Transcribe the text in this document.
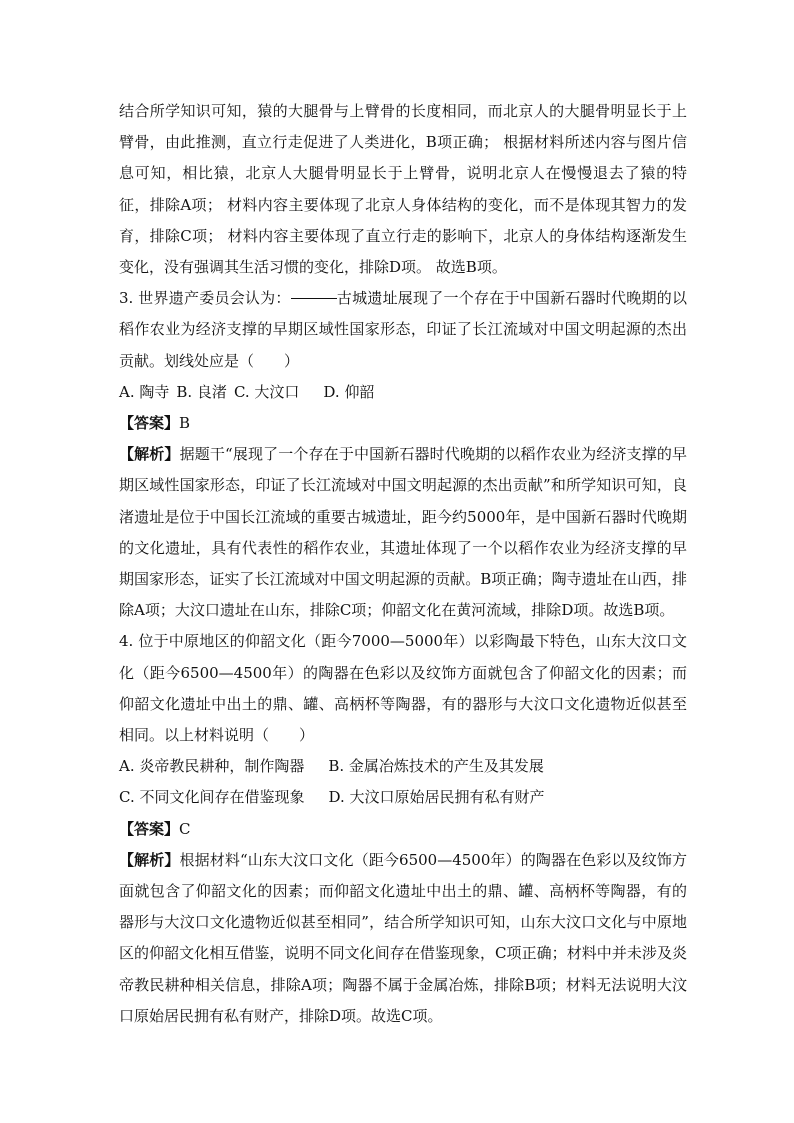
结合所学知识可知，猿的大腿骨与上臂骨的长度相同，而北京人的大腿骨明显长于上臂骨，由此推测，直立行走促进了人类进化，B项正确； 根据材料所述内容与图片信息可知，相比猿，北京人大腿骨明显长于上臂骨，说明北京人在慢慢退去了猿的特征，排除A项； 材料内容主要体现了北京人身体结构的变化，而不是体现其智力的发育，排除C项； 材料内容主要体现了直立行走的影响下，北京人的身体结构逐渐发生变化，没有强调其生活习惯的变化，排除D项。 故选B项。

3. 世界遗产委员会认为：	古城遗址展现了一个存在于中国新石器时代晚期的以稻作农业为经济支撑的早期区域性国家形态，印证了长江流域对中国文明起源的杰出贡献。划线处应是（　　）

A. 陶寺 B. 良渚 C. 大汶口 D. 仰韶

【答案】B

【解析】据题干“展现了一个存在于中国新石器时代晚期的以稻作农业为经济支撑的早期区域性国家形态，印证了长江流域对中国文明起源的杰出贡献”和所学知识可知，良渚遗址是位于中国长江流域的重要古城遗址，距今约5000年，是中国新石器时代晚期的文化遗址，具有代表性的稻作农业，其遗址体现了一个以稻作农业为经济支撑的早期国家形态，证实了长江流域对中国文明起源的贡献。B项正确；陶寺遗址在山西，排除A项；大汶口遗址在山东，排除C项；仰韶文化在黄河流域，排除D项。故选B项。

4. 位于中原地区的仰韶文化（距今7000—5000年）以彩陶最下特色，山东大汶口文化（距今6500—4500年）的陶器在色彩以及纹饰方面就包含了仰韶文化的因素；而仰韶文化遗址中出土的鼎、罐、高柄杯等陶器，有的器形与大汶口文化遗物近似甚至相同。以上材料说明（　　）

A. 炎帝教民耕种，制作陶器 B. 金属冶炼技术的产生及其发展

C. 不同文化间存在借鉴现象 D. 大汶口原始居民拥有私有财产

【答案】C

【解析】根据材料“山东大汶口文化（距今6500—4500年）的陶器在色彩以及纹饰方面就包含了仰韶文化的因素；而仰韶文化遗址中出土的鼎、罐、高柄杯等陶器，有的器形与大汶口文化遗物近似甚至相同”，结合所学知识可知，山东大汶口文化与中原地区的仰韶文化相互借鉴，说明不同文化间存在借鉴现象，C项正确；材料中并未涉及炎帝教民耕种相关信息，排除A项；陶器不属于金属冶炼，排除B项；材料无法说明大汶口原始居民拥有私有财产，排除D项。故选C项。
